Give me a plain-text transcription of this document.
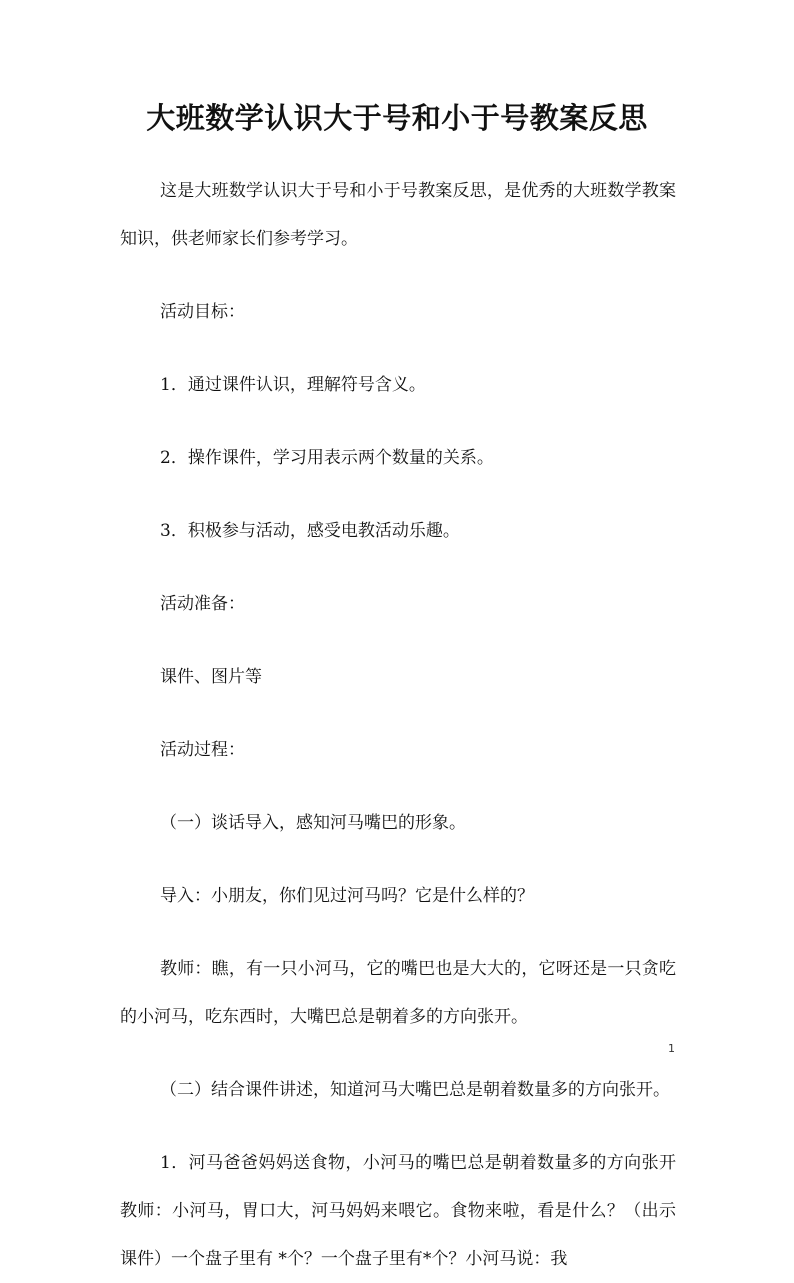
大班数学认识大于号和小于号教案反思

这是大班数学认识大于号和小于号教案反思，是优秀的大班数学教案知识，供老师家长们参考学习。

活动目标：

1．通过课件认识，理解符号含义。

2．操作课件，学习用表示两个数量的关系。

3．积极参与活动，感受电教活动乐趣。

活动准备：

课件、图片等

活动过程：

（一）谈话导入，感知河马嘴巴的形象。

导入：小朋友，你们见过河马吗？它是什么样的？

教师：瞧，有一只小河马，它的嘴巴也是大大的，它呀还是一只贪吃的小河马，吃东西时，大嘴巴总是朝着多的方向张开。

（二）结合课件讲述，知道河马大嘴巴总是朝着数量多的方向张开。

1．河马爸爸妈妈送食物，小河马的嘴巴总是朝着数量多的方向张开教师：小河马，胃口大，河马妈妈来喂它。食物来啦，看是什么？（出示课件）一个盘子里有 *个？一个盘子里有*个？小河马说：我

1
